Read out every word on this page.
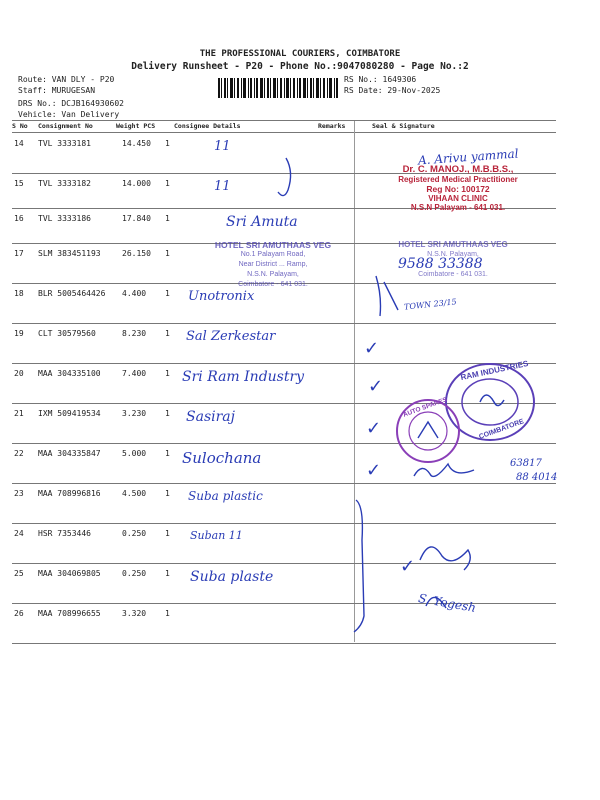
THE PROFESSIONAL COURIERS, COIMBATORE
Delivery Runsheet - P20 - Phone No.:9047080280 - Page No.:2
Route: VAN DLY - P20
Staff: MURUGESAN
DRS No.: DCJB164930602
Vehicle: Van Delivery
RS No.: 1649306
RS Date: 29-Nov-2025
S No Consignment No	Weight PCS	Consignee Details	Remarks	Seal & Signature
14 TVL 3333181	14.450 1	11
15 TVL 3333182	14.000 1	11
16 TVL 3333186	17.840 1	Sri Amuta
17 SLM 383451193	26.150 1
18 BLR 5005464426 4.400 1 Unotronix
19 CLT 30579560	8.230 1 Sal Zerkestar
20 MAA 304335100	7.400 1 Sri Ram Industry
21 IXM 509419534	3.230 1 Sasiraj
22 MAA 304335847	5.000 1 Sulochana
23 MAA 708996816	4.500 1 Suba plastic
24 HSR 7353446	0.250 1 Suban 11
25 MAA 304069805	0.250 1 Suba plaste
26 MAA 708996655	3.320 1
Dr. C. MANOJ., M.B.B.S.,
Registered Medical Practitioner
Reg No: 100172
VIHAAN CLINIC
N.S.N Palayam - 641 031.
HOTEL SRI AMUTHAAS VEG
No.1 Palayam Road,
Near District ... Ramp,
N.S.N. Palayam,
Coimbatore - 641 031.
HOTEL SRI AMUTHAAS VEG
N.S.N. Palayam,
Coimbatore - 641 031.
RAM INDUSTRIES
COIMBATORE
AUTO SPARES
A. Arivu yammal
9588 33388
TOWN 23/15
63817
88 4014
S. Yogesh
✓
✓
✓
✓
✓
